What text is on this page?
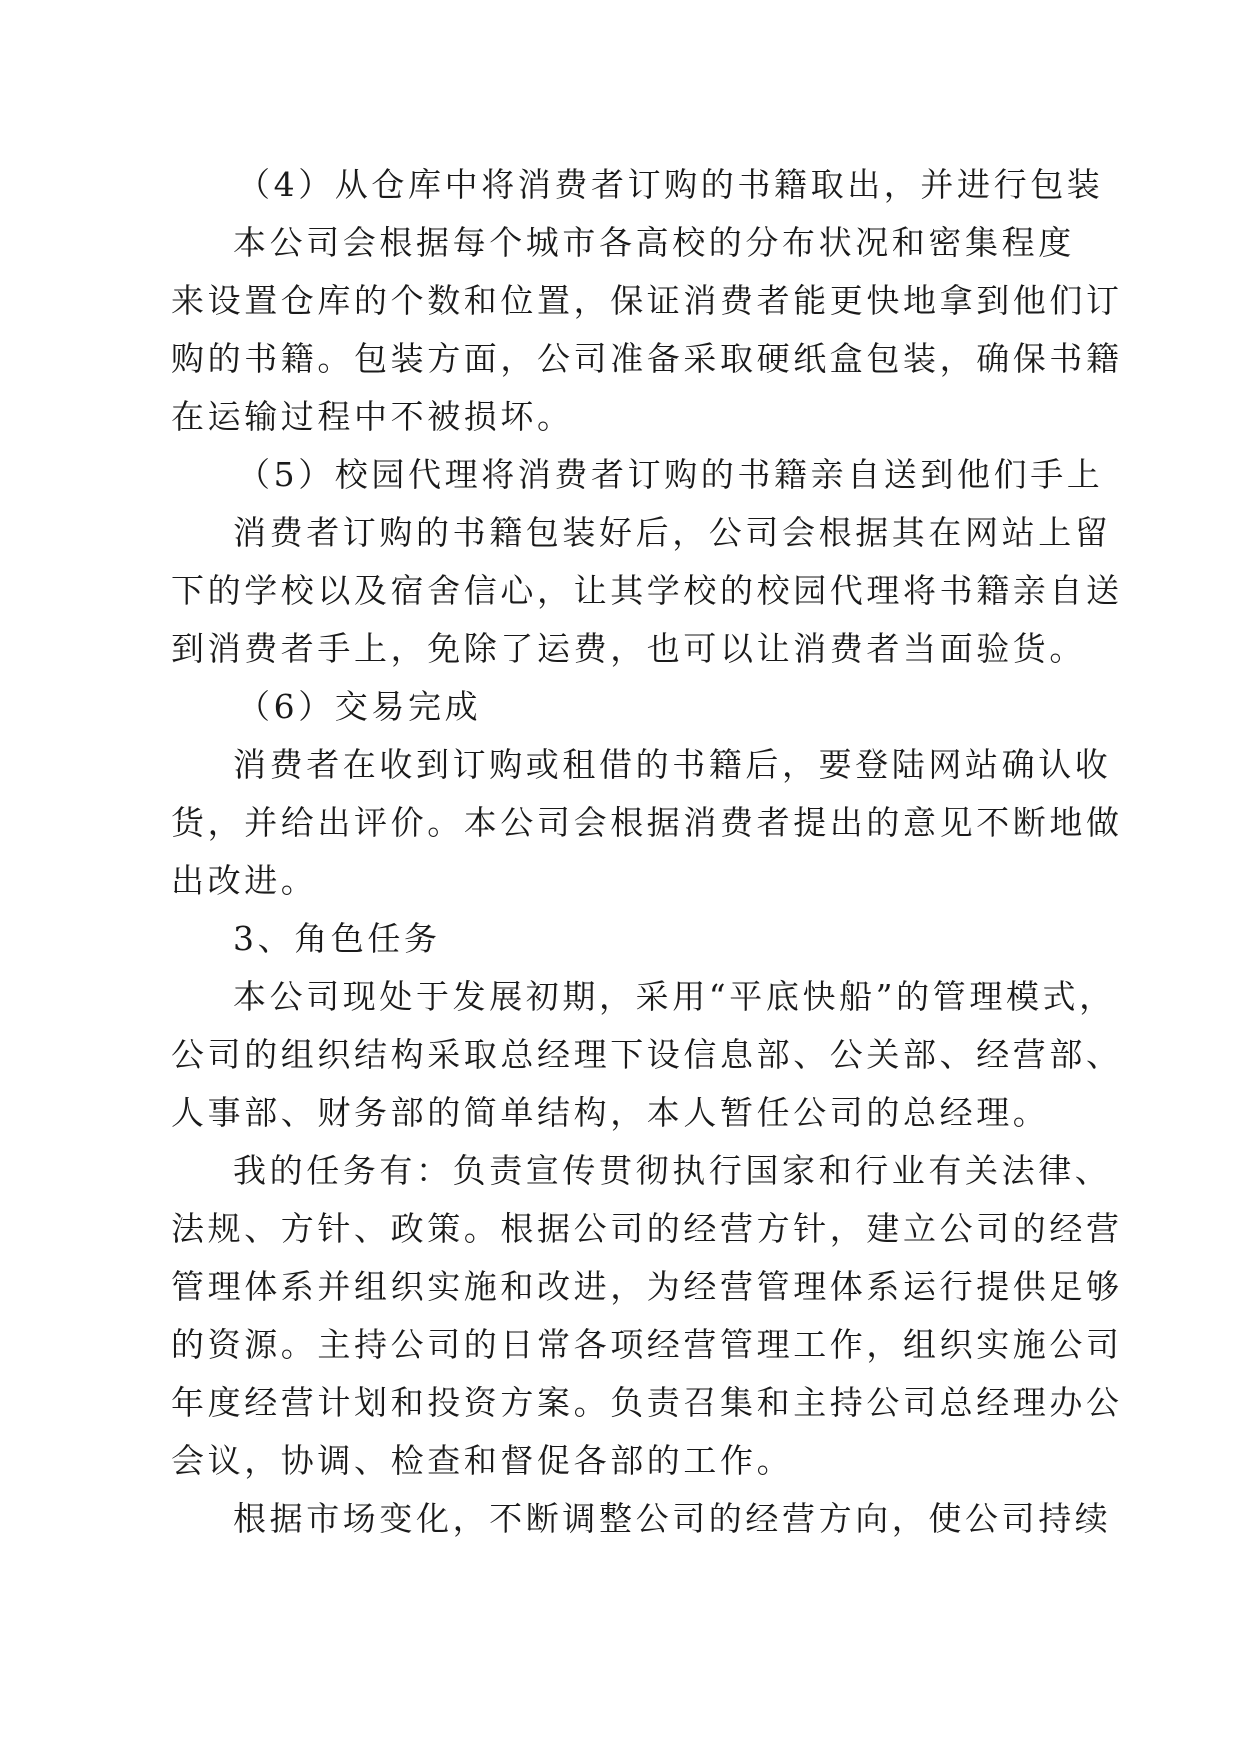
（4）从仓库中将消费者订购的书籍取出，并进行包装
本公司会根据每个城市各高校的分布状况和密集程度
来设置仓库的个数和位置，保证消费者能更快地拿到他们订
购的书籍。包装方面，公司准备采取硬纸盒包装，确保书籍
在运输过程中不被损坏。
（5）校园代理将消费者订购的书籍亲自送到他们手上
消费者订购的书籍包装好后，公司会根据其在网站上留
下的学校以及宿舍信心，让其学校的校园代理将书籍亲自送
到消费者手上，免除了运费，也可以让消费者当面验货。
（6）交易完成
消费者在收到订购或租借的书籍后，要登陆网站确认收
货，并给出评价。本公司会根据消费者提出的意见不断地做
出改进。
3、角色任务
本公司现处于发展初期，采用“平底快船”的管理模式，
公司的组织结构采取总经理下设信息部、公关部、经营部、
人事部、财务部的简单结构，本人暂任公司的总经理。
我的任务有：负责宣传贯彻执行国家和行业有关法律、
法规、方针、政策。根据公司的经营方针，建立公司的经营
管理体系并组织实施和改进，为经营管理体系运行提供足够
的资源。主持公司的日常各项经营管理工作，组织实施公司
年度经营计划和投资方案。负责召集和主持公司总经理办公
会议，协调、检查和督促各部的工作。
根据市场变化，不断调整公司的经营方向，使公司持续
